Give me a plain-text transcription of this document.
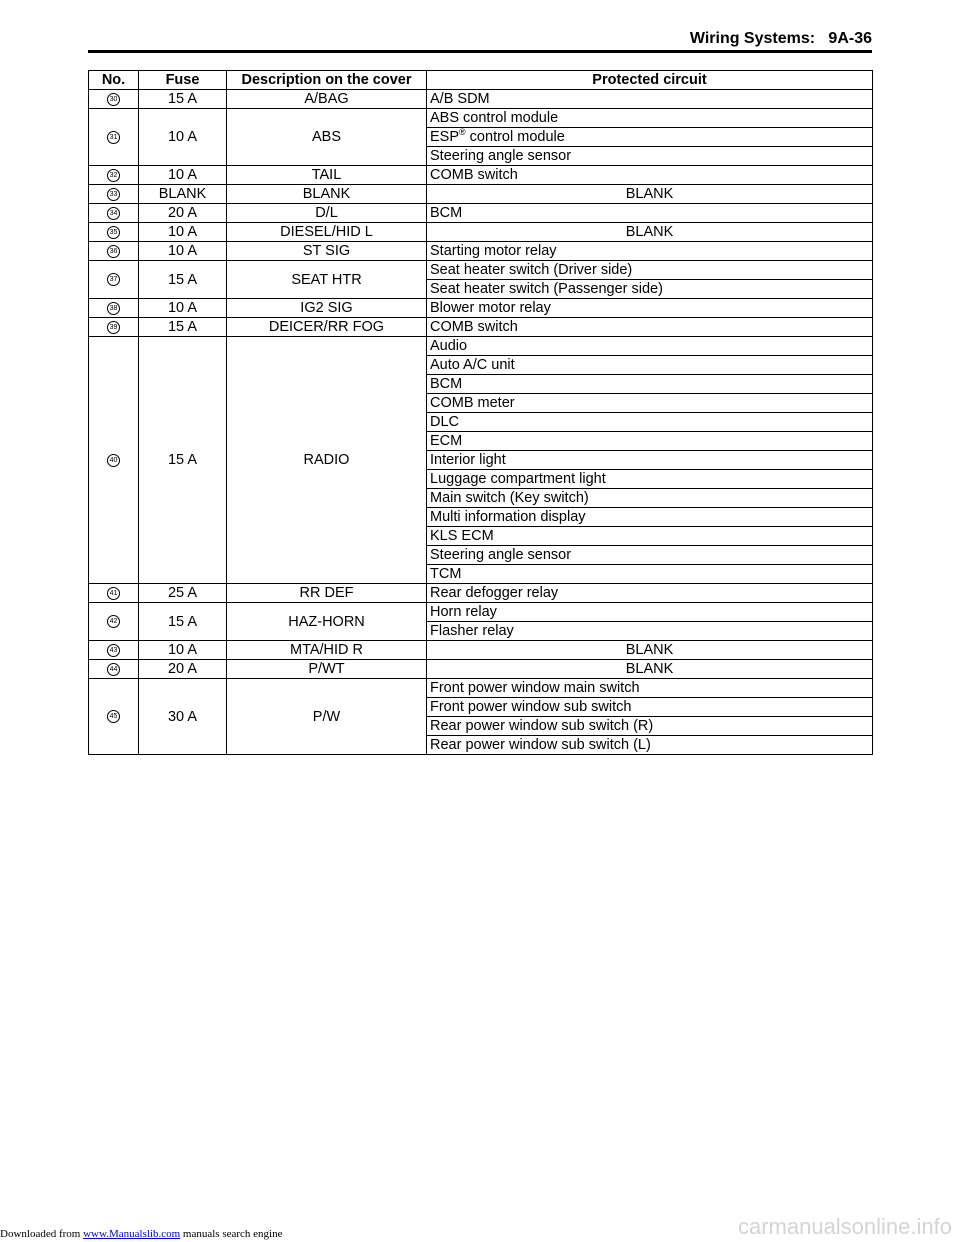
Wiring Systems: 9A-36
No.	Fuse	Description on the cover	Protected circuit
30	15 A	A/BAG	A/B SDM
31	10 A	ABS	ABS control module
			ESP® control module
			Steering angle sensor
32	10 A	TAIL	COMB switch
33	BLANK	BLANK	BLANK
34	20 A	D/L	BCM
35	10 A	DIESEL/HID L	BLANK
36	10 A	ST SIG	Starting motor relay
37	15 A	SEAT HTR	Seat heater switch (Driver side)
			Seat heater switch (Passenger side)
38	10 A	IG2 SIG	Blower motor relay
39	15 A	DEICER/RR FOG	COMB switch
40	15 A	RADIO	Audio
			Auto A/C unit
			BCM
			COMB meter
			DLC
			ECM
			Interior light
			Luggage compartment light
			Main switch (Key switch)
			Multi information display
			KLS ECM
			Steering angle sensor
			TCM
41	25 A	RR DEF	Rear defogger relay
42	15 A	HAZ-HORN	Horn relay
			Flasher relay
43	10 A	MTA/HID R	BLANK
44	20 A	P/WT	BLANK
45	30 A	P/W	Front power window main switch
			Front power window sub switch
			Rear power window sub switch (R)
			Rear power window sub switch (L)
Downloaded from www.Manualslib.com manuals search engine	carmanualsonline.info
